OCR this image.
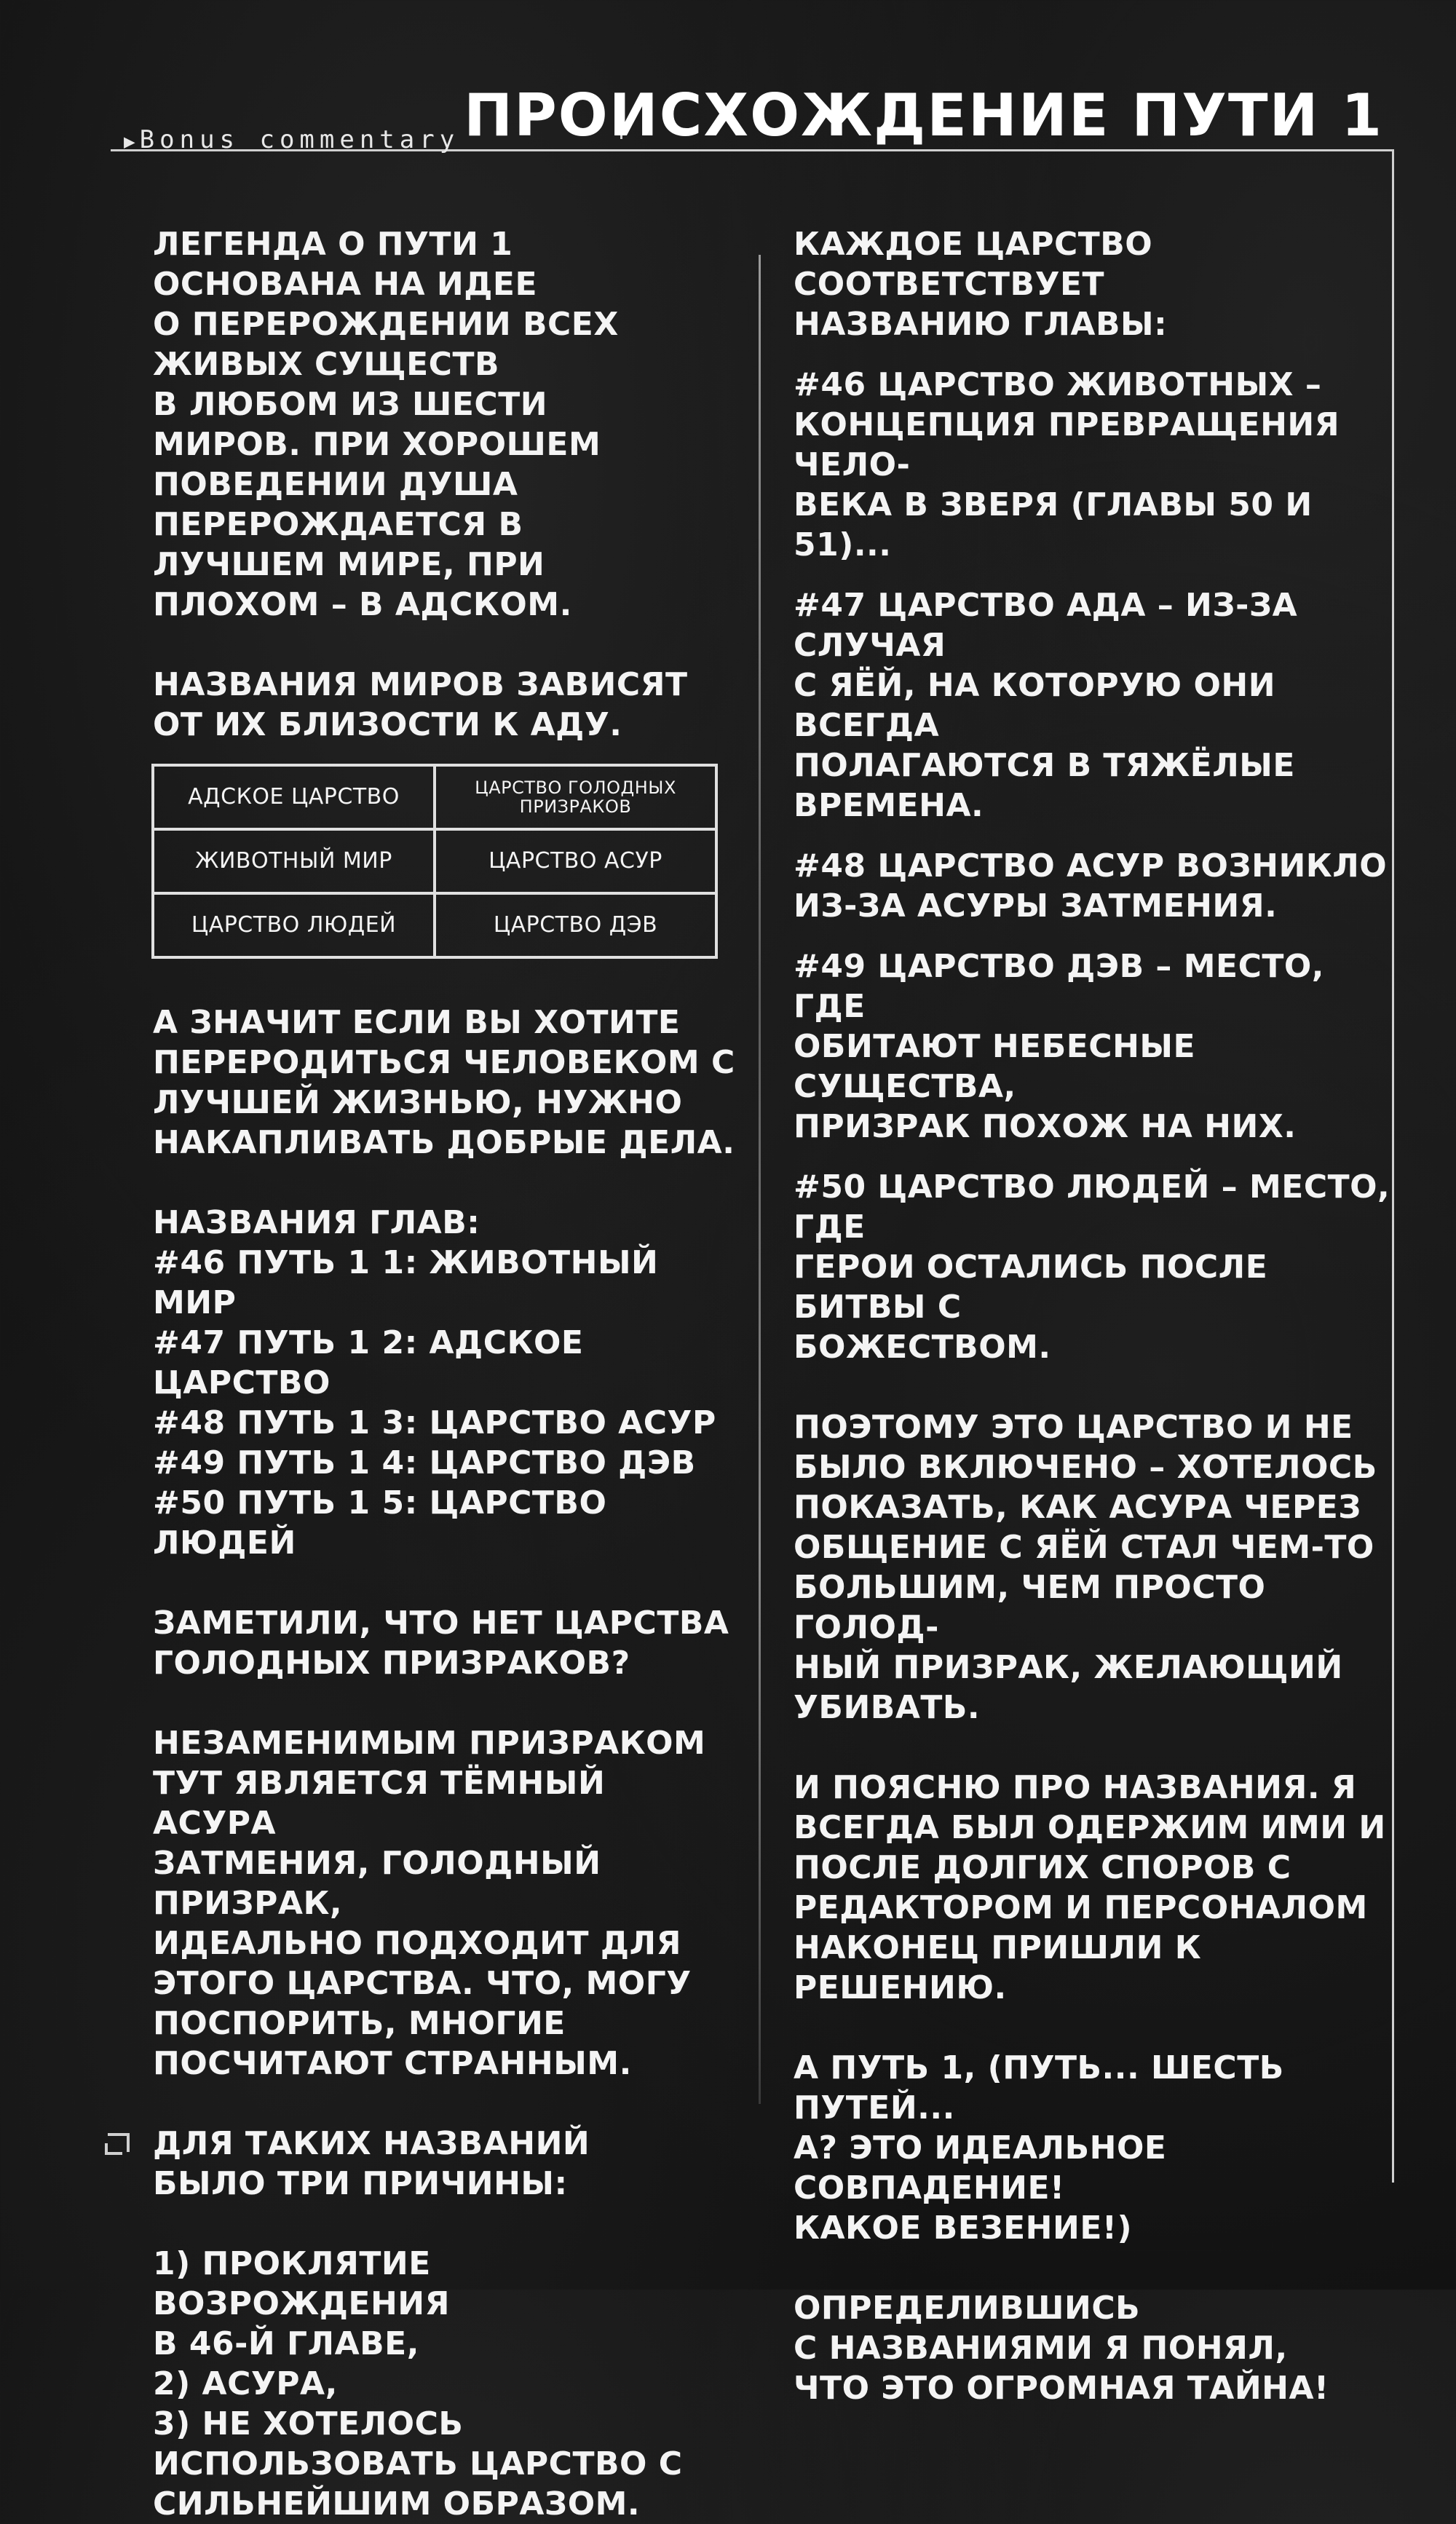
▶ Bonus commentary ПРОИСХОЖДЕНИЕ ПУТИ 1

ЛЕГЕНДА О ПУТИ 1
ОСНОВАНА НА ИДЕЕ
О ПЕРЕРОЖДЕНИИ ВСЕХ
ЖИВЫХ СУЩЕСТВ
В ЛЮБОМ ИЗ ШЕСТИ
МИРОВ. ПРИ ХОРОШЕМ
ПОВЕДЕНИИ ДУША
ПЕРЕРОЖДАЕТСЯ В
ЛУЧШЕМ МИРЕ, ПРИ
ПЛОХОМ – В АДСКОМ.

НАЗВАНИЯ МИРОВ ЗАВИСЯТ
ОТ ИХ БЛИЗОСТИ К АДУ.

АДСКОЕ ЦАРСТВО	ЦАРСТВО ГОЛОДНЫХ
ПРИЗРАКОВ
ЖИВОТНЫЙ МИР	ЦАРСТВО АСУР
ЦАРСТВО ЛЮДЕЙ	ЦАРСТВО ДЭВ

А ЗНАЧИТ ЕСЛИ ВЫ ХОТИТЕ
ПЕРЕРОДИТЬСЯ ЧЕЛОВЕКОМ С
ЛУЧШЕЙ ЖИЗНЬЮ, НУЖНО
НАКАПЛИВАТЬ ДОБРЫЕ ДЕЛА.

НАЗВАНИЯ ГЛАВ:
#46 ПУТЬ 1 1: ЖИВОТНЫЙ МИР
#47 ПУТЬ 1 2: АДСКОЕ ЦАРСТВО
#48 ПУТЬ 1 3: ЦАРСТВО АСУР
#49 ПУТЬ 1 4: ЦАРСТВО ДЭВ
#50 ПУТЬ 1 5: ЦАРСТВО ЛЮДЕЙ

ЗАМЕТИЛИ, ЧТО НЕТ ЦАРСТВА
ГОЛОДНЫХ ПРИЗРАКОВ?

НЕЗАМЕНИМЫМ ПРИЗРАКОМ
ТУТ ЯВЛЯЕТСЯ ТЁМНЫЙ АСУРА
ЗАТМЕНИЯ, ГОЛОДНЫЙ ПРИЗРАК,
ИДЕАЛЬНО ПОДХОДИТ ДЛЯ
ЭТОГО ЦАРСТВА. ЧТО, МОГУ
ПОСПОРИТЬ, МНОГИЕ
ПОСЧИТАЮТ СТРАННЫМ.

ДЛЯ ТАКИХ НАЗВАНИЙ
БЫЛО ТРИ ПРИЧИНЫ:

1) ПРОКЛЯТИЕ ВОЗРОЖДЕНИЯ
В 46-Й ГЛАВЕ,
2) АСУРА,
3) НЕ ХОТЕЛОСЬ
ИСПОЛЬЗОВАТЬ ЦАРСТВО С
СИЛЬНЕЙШИМ ОБРАЗОМ.

КАЖДОЕ ЦАРСТВО СООТВЕТСТВУЕТ
НАЗВАНИЮ ГЛАВЫ:

#46 ЦАРСТВО ЖИВОТНЫХ –
КОНЦЕПЦИЯ ПРЕВРАЩЕНИЯ ЧЕЛО-
ВЕКА В ЗВЕРЯ (ГЛАВЫ 50 И 51)...

#47 ЦАРСТВО АДА – ИЗ-ЗА СЛУЧАЯ
С ЯЁЙ, НА КОТОРУЮ ОНИ ВСЕГДА
ПОЛАГАЮТСЯ В ТЯЖЁЛЫЕ ВРЕМЕНА.

#48 ЦАРСТВО АСУР ВОЗНИКЛО
ИЗ-ЗА АСУРЫ ЗАТМЕНИЯ.

#49 ЦАРСТВО ДЭВ – МЕСТО, ГДЕ
ОБИТАЮТ НЕБЕСНЫЕ СУЩЕСТВА,
ПРИЗРАК ПОХОЖ НА НИХ.

#50 ЦАРСТВО ЛЮДЕЙ – МЕСТО, ГДЕ
ГЕРОИ ОСТАЛИСЬ ПОСЛЕ БИТВЫ С
БОЖЕСТВОМ.

ПОЭТОМУ ЭТО ЦАРСТВО И НЕ
БЫЛО ВКЛЮЧЕНО – ХОТЕЛОСЬ
ПОКАЗАТЬ, КАК АСУРА ЧЕРЕЗ
ОБЩЕНИЕ С ЯЁЙ СТАЛ ЧЕМ-ТО
БОЛЬШИМ, ЧЕМ ПРОСТО ГОЛОД-
НЫЙ ПРИЗРАК, ЖЕЛАЮЩИЙ
УБИВАТЬ.

И ПОЯСНЮ ПРО НАЗВАНИЯ. Я
ВСЕГДА БЫЛ ОДЕРЖИМ ИМИ И
ПОСЛЕ ДОЛГИХ СПОРОВ С
РЕДАКТОРОМ И ПЕРСОНАЛОМ
НАКОНЕЦ ПРИШЛИ К РЕШЕНИЮ.

А ПУТЬ 1, (ПУТЬ... ШЕСТЬ ПУТЕЙ...
А? ЭТО ИДЕАЛЬНОЕ СОВПАДЕНИЕ!
КАКОЕ ВЕЗЕНИЕ!)

ОПРЕДЕЛИВШИСЬ
С НАЗВАНИЯМИ Я ПОНЯЛ,
ЧТО ЭТО ОГРОМНАЯ ТАЙНА!
